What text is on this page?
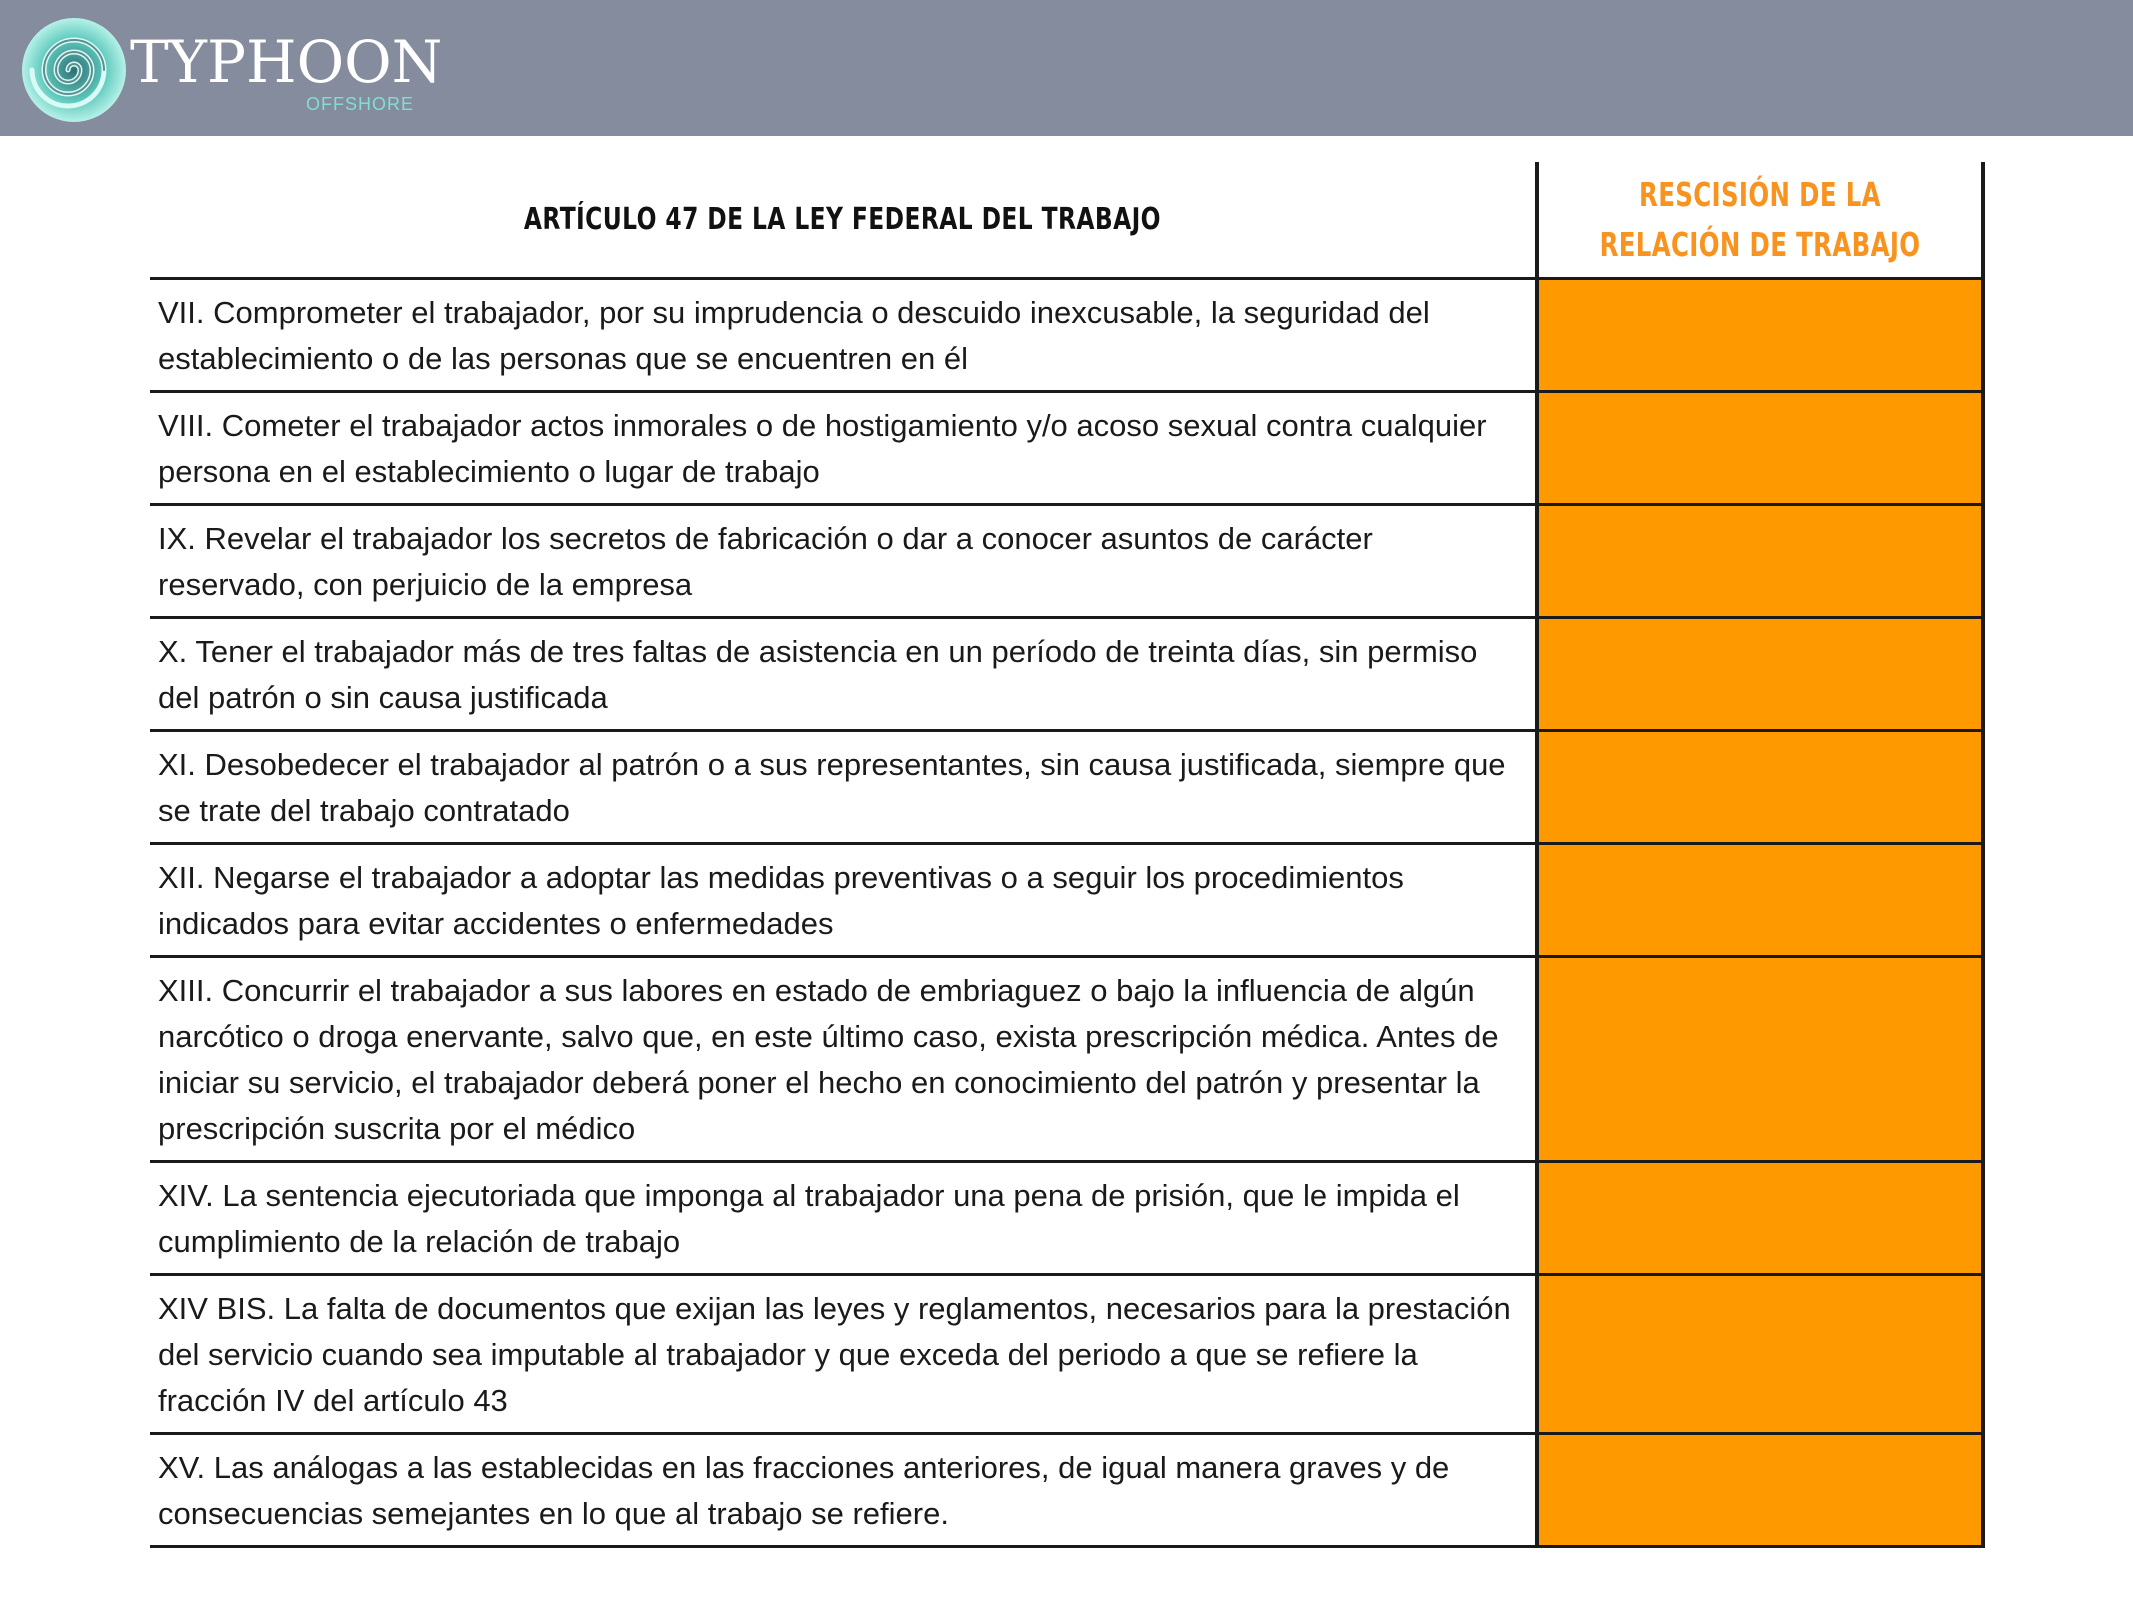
TYPHOON
OFFSHORE
ARTÍCULO 47 DE LA LEY FEDERAL DEL TRABAJO
RESCISIÓN DE LA RELACIÓN DE TRABAJO
VII. Comprometer el trabajador, por su imprudencia o descuido inexcusable, la seguridad del establecimiento o de las personas que se encuentren en él
VIII. Cometer el trabajador actos inmorales o de hostigamiento y/o acoso sexual contra cualquier persona en el establecimiento o lugar de trabajo
IX. Revelar el trabajador los secretos de fabricación o dar a conocer asuntos de carácter reservado, con perjuicio de la empresa
X. Tener el trabajador más de tres faltas de asistencia en un período de treinta días, sin permiso del patrón o sin causa justificada
XI. Desobedecer el trabajador al patrón o a sus representantes, sin causa justificada, siempre que se trate del trabajo contratado
XII. Negarse el trabajador a adoptar las medidas preventivas o a seguir los procedimientos indicados para evitar accidentes o enfermedades
XIII. Concurrir el trabajador a sus labores en estado de embriaguez o bajo la influencia de algún narcótico o droga enervante, salvo que, en este último caso, exista prescripción médica. Antes de iniciar su servicio, el trabajador deberá poner el hecho en conocimiento del patrón y presentar la prescripción suscrita por el médico
XIV. La sentencia ejecutoriada que imponga al trabajador una pena de prisión, que le impida el cumplimiento de la relación de trabajo
XIV BIS. La falta de documentos que exijan las leyes y reglamentos, necesarios para la prestación del servicio cuando sea imputable al trabajador y que exceda del periodo a que se refiere la fracción IV del artículo 43
XV. Las análogas a las establecidas en las fracciones anteriores, de igual manera graves y de consecuencias semejantes en lo que al trabajo se refiere.
